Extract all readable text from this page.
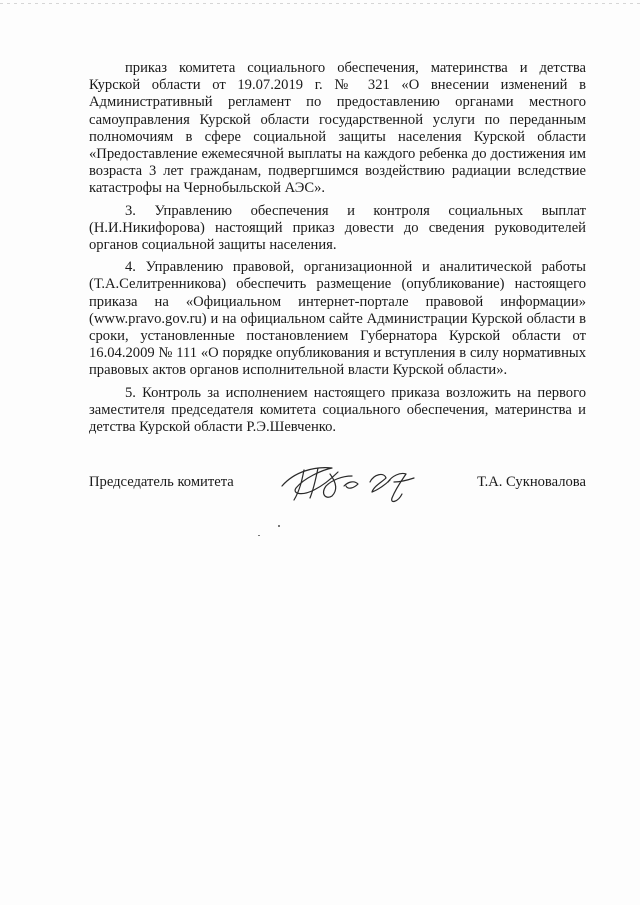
приказ комитета социального обеспечения, материнства и детства Курской области от 19.07.2019 г. № 321 «О внесении изменений в Административный регламент по предоставлению органами местного самоуправления Курской области государственной услуги по переданным полномочиям в сфере социальной защиты населения Курской области «Предоставление ежемесячной выплаты на каждого ребенка до достижения им возраста 3 лет гражданам, подвергшимся воздействию радиации вследствие катастрофы на Чернобыльской АЭС».

3. Управлению обеспечения и контроля социальных выплат (Н.И.Никифорова) настоящий приказ довести до сведения руководителей органов социальной защиты населения.

4. Управлению правовой, организационной и аналитической работы (Т.А.Селитренникова) обеспечить размещение (опубликование) настоящего приказа на «Официальном интернет-портале правовой информации» (www.pravo.gov.ru) и на официальном сайте Администрации Курской области в сроки, установленные постановлением Губернатора Курской области от 16.04.2009 № 111 «О порядке опубликования и вступления в силу нормативных правовых актов органов исполнительной власти Курской области».

5. Контроль за исполнением настоящего приказа возложить на первого заместителя председателя комитета социального обеспечения, материнства и детства Курской области Р.Э.Шевченко.

Председатель комитета	Т.А. Сукновалова
